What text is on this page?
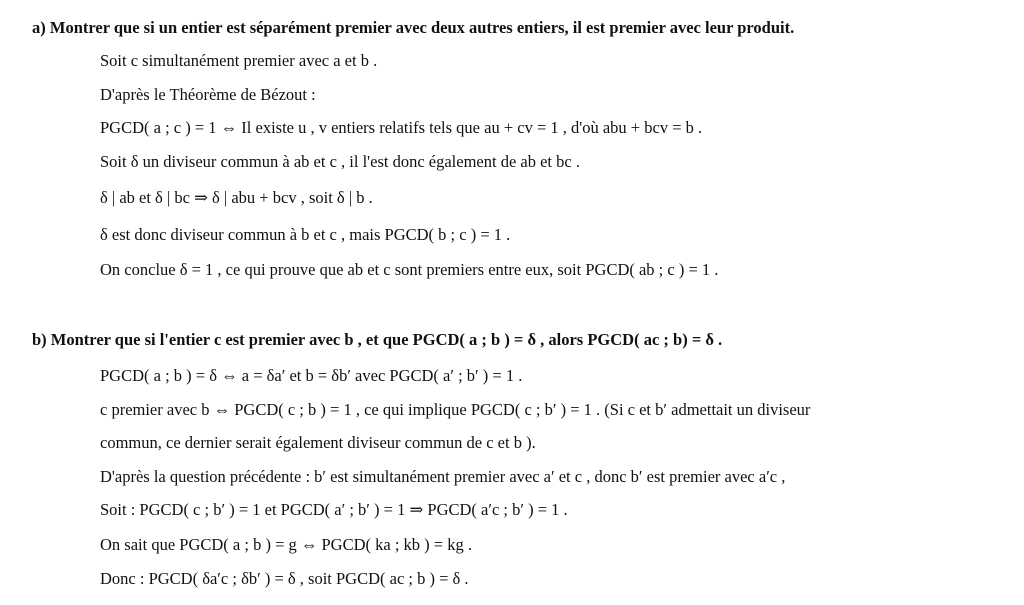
a) Montrer que si un entier est séparément premier avec deux autres entiers, il est premier avec leur produit.
Soit c simultanément premier avec a et b .
D'après le Théorème de Bézout :
PGCD( a ; c ) = 1 ⇔ Il existe u , v entiers relatifs tels que au + cv = 1 , d'où abu + bcv = b .
Soit δ un diviseur commun à ab et c , il l'est donc également de ab et bc .
δ | ab et δ | bc ⇒ δ | abu + bcv , soit δ | b .
δ est donc diviseur commun à b et c , mais PGCD( b ; c ) = 1 .
On conclue δ = 1 , ce qui prouve que ab et c sont premiers entre eux, soit PGCD( ab ; c ) = 1 .
b) Montrer que si l'entier c est premier avec b , et que PGCD( a ; b ) = δ , alors PGCD( ac ; b) = δ .
PGCD( a ; b ) = δ ⇔ a = δa′ et b = δb′ avec PGCD( a′ ; b′ ) = 1 .
c premier avec b ⇔ PGCD( c ; b ) = 1 , ce qui implique PGCD( c ; b′ ) = 1 . (Si c et b′ admettait un diviseur
commun, ce dernier serait également diviseur commun de c et b ).
D'après la question précédente : b′ est simultanément premier avec a′ et c , donc b′ est premier avec a′c ,
Soit : PGCD( c ; b′ ) = 1 et PGCD( a′ ; b′ ) = 1 ⇒ PGCD( a′c ; b′ ) = 1 .
On sait que PGCD( a ; b ) = g ⇔ PGCD( ka ; kb ) = kg .
Donc : PGCD( δa′c ; δb′ ) = δ , soit PGCD( ac ; b ) = δ .
